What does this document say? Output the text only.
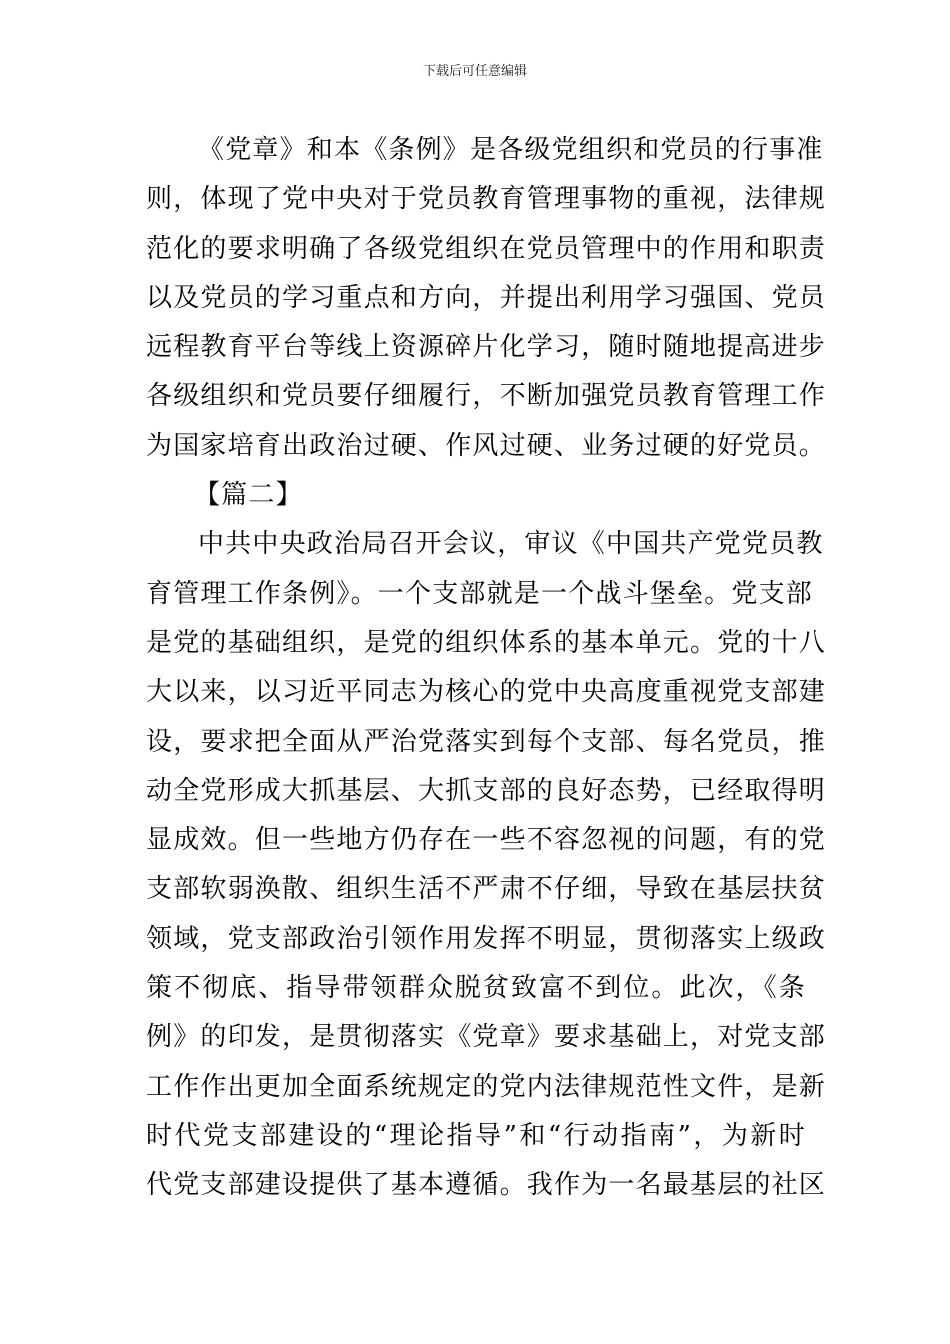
下载后可任意编辑
《党章》和本《条例》是各级党组织和党员的行事准
则，体现了党中央对于党员教育管理事物的重视，法律规
范化的要求明确了各级党组织在党员管理中的作用和职责
以及党员的学习重点和方向，并提出利用学习强国、党员
远程教育平台等线上资源碎片化学习，随时随地提高进步
各级组织和党员要仔细履行，不断加强党员教育管理工作
为国家培育出政治过硬、作风过硬、业务过硬的好党员。
【篇二】
中共中央政治局召开会议，审议《中国共产党党员教
育管理工作条例》。一个支部就是一个战斗堡垒。党支部
是党的基础组织，是党的组织体系的基本单元。党的十八
大以来，以习近平同志为核心的党中央高度重视党支部建
设，要求把全面从严治党落实到每个支部、每名党员，推
动全党形成大抓基层、大抓支部的良好态势，已经取得明
显成效。但一些地方仍存在一些不容忽视的问题，有的党
支部软弱涣散、组织生活不严肃不仔细，导致在基层扶贫
领域，党支部政治引领作用发挥不明显，贯彻落实上级政
策不彻底、指导带领群众脱贫致富不到位。此次，《条
例》的印发，是贯彻落实《党章》要求基础上，对党支部
工作作出更加全面系统规定的党内法律规范性文件，是新
时代党支部建设的“理论指导”和“行动指南”，为新时
代党支部建设提供了基本遵循。我作为一名最基层的社区
